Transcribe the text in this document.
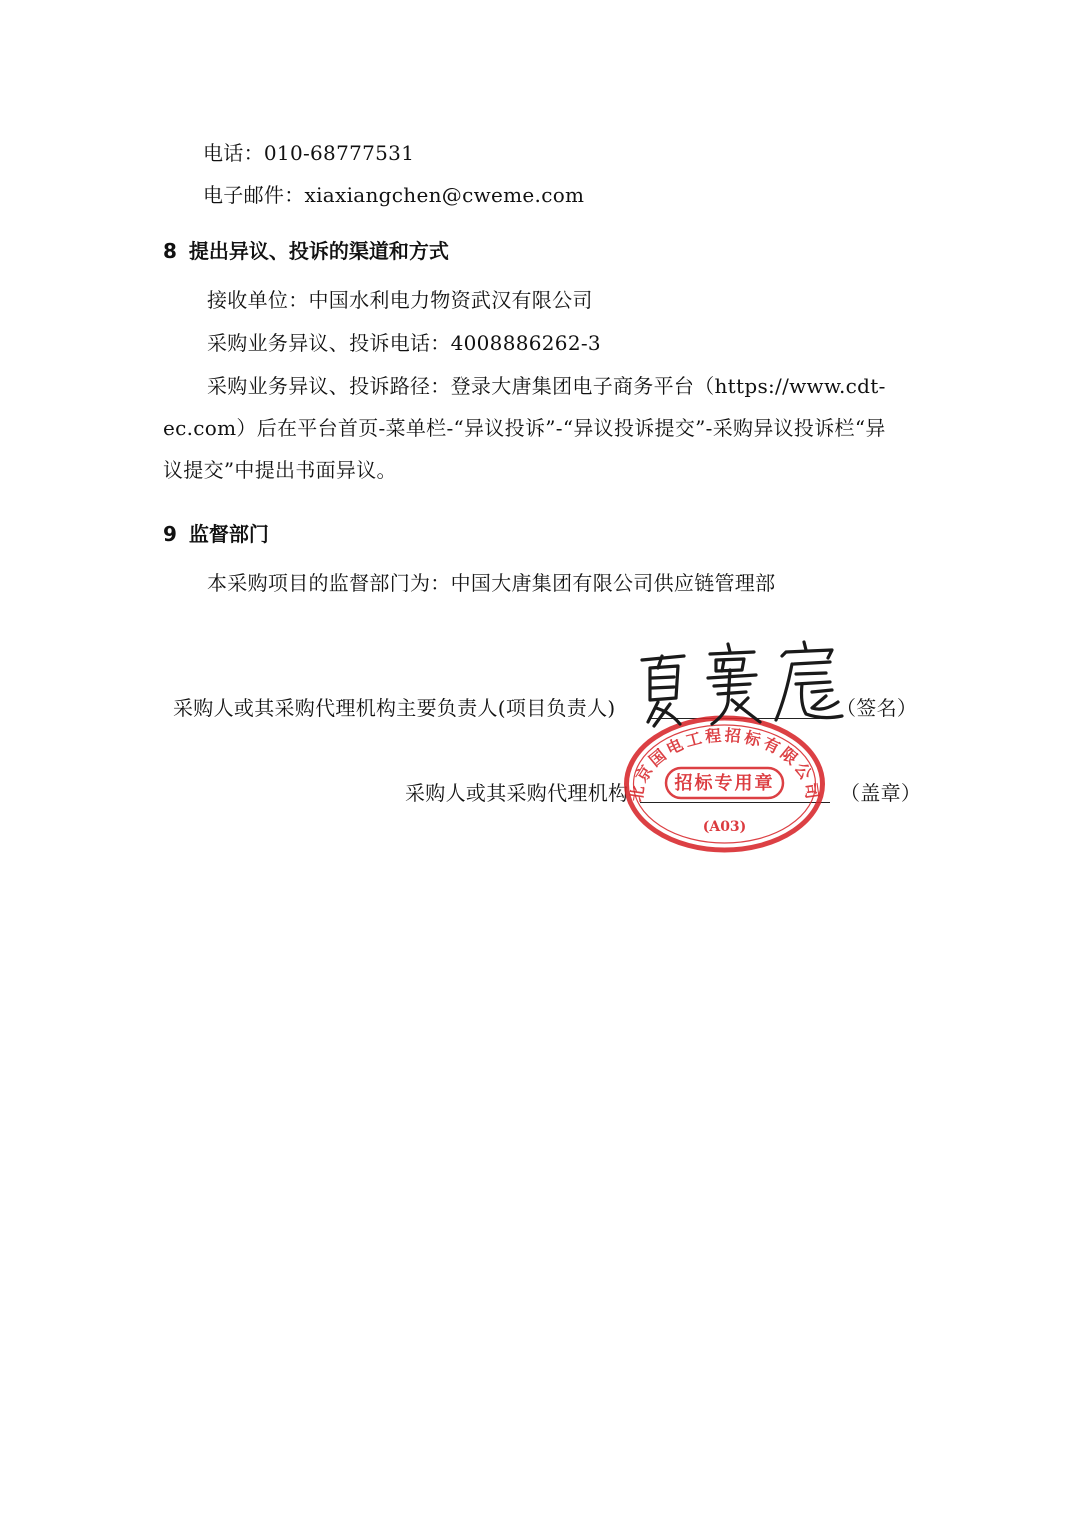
电话：010-68777531
电子邮件：xiaxiangchen@cweme.com
8 提出异议、投诉的渠道和方式
接收单位：中国水利电力物资武汉有限公司
采购业务异议、投诉电话：4008886262-3
采购业务异议、投诉路径：登录大唐集团电子商务平台（https://www.cdt-
ec.com）后在平台首页-菜单栏-“异议投诉”-“异议投诉提交”-采购异议投诉栏“异
议提交”中提出书面异议。
9 监督部门
本采购项目的监督部门为：中国大唐集团有限公司供应链管理部
采购人或其采购代理机构主要负责人(项目负责人)	（签名）
采购人或其采购代理机构	（盖章）
北京国电工程招标有限公司
招标专用章
(A03)
